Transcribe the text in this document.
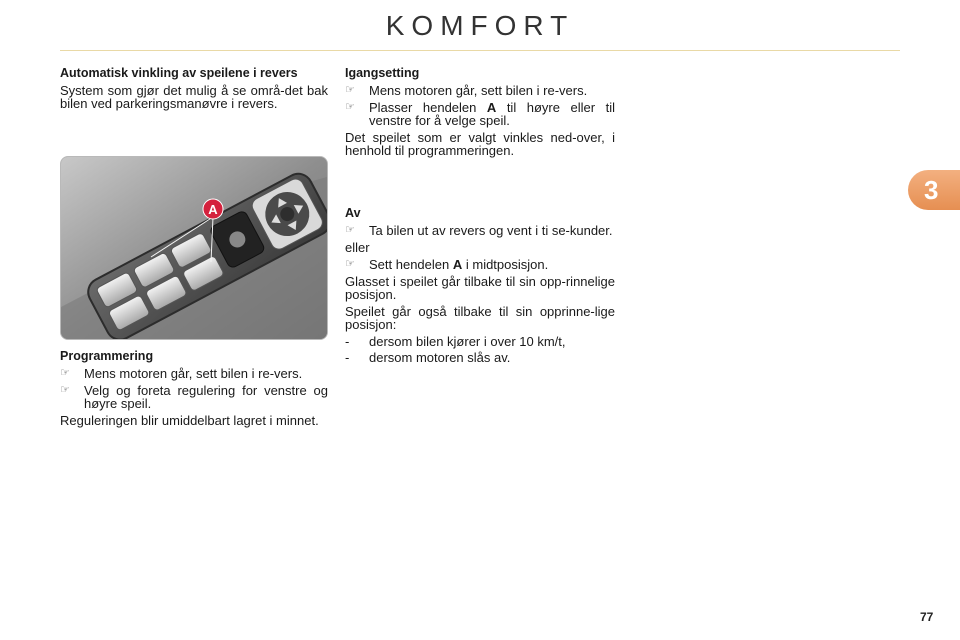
KOMFORT
3
Automatisk vinkling av speilene i revers

System som gjør det mulig å se områ-det bak bilen ved parkeringsmanøvre i revers.

A
Programmering
☞	Mens motoren går, sett bilen i re-vers.
☞	Velg og foreta regulering for venstre og høyre speil.

Reguleringen blir umiddelbart lagret i minnet.

Igangsetting
☞	Mens motoren går, sett bilen i re-vers.
☞	Plasser hendelen A til høyre eller til venstre for å velge speil.

Det speilet som er valgt vinkles ned-over, i henhold til programmeringen.

Av
☞	Ta bilen ut av revers og vent i ti se-kunder.

eller

☞	Sett hendelen A i midtposisjon.

Glasset i speilet går tilbake til sin opp-rinnelige posisjon.

Speilet går også tilbake til sin opprinne-lige posisjon:

-	dersom bilen kjører i over 10 km/t,
-	dersom motoren slås av.
77
